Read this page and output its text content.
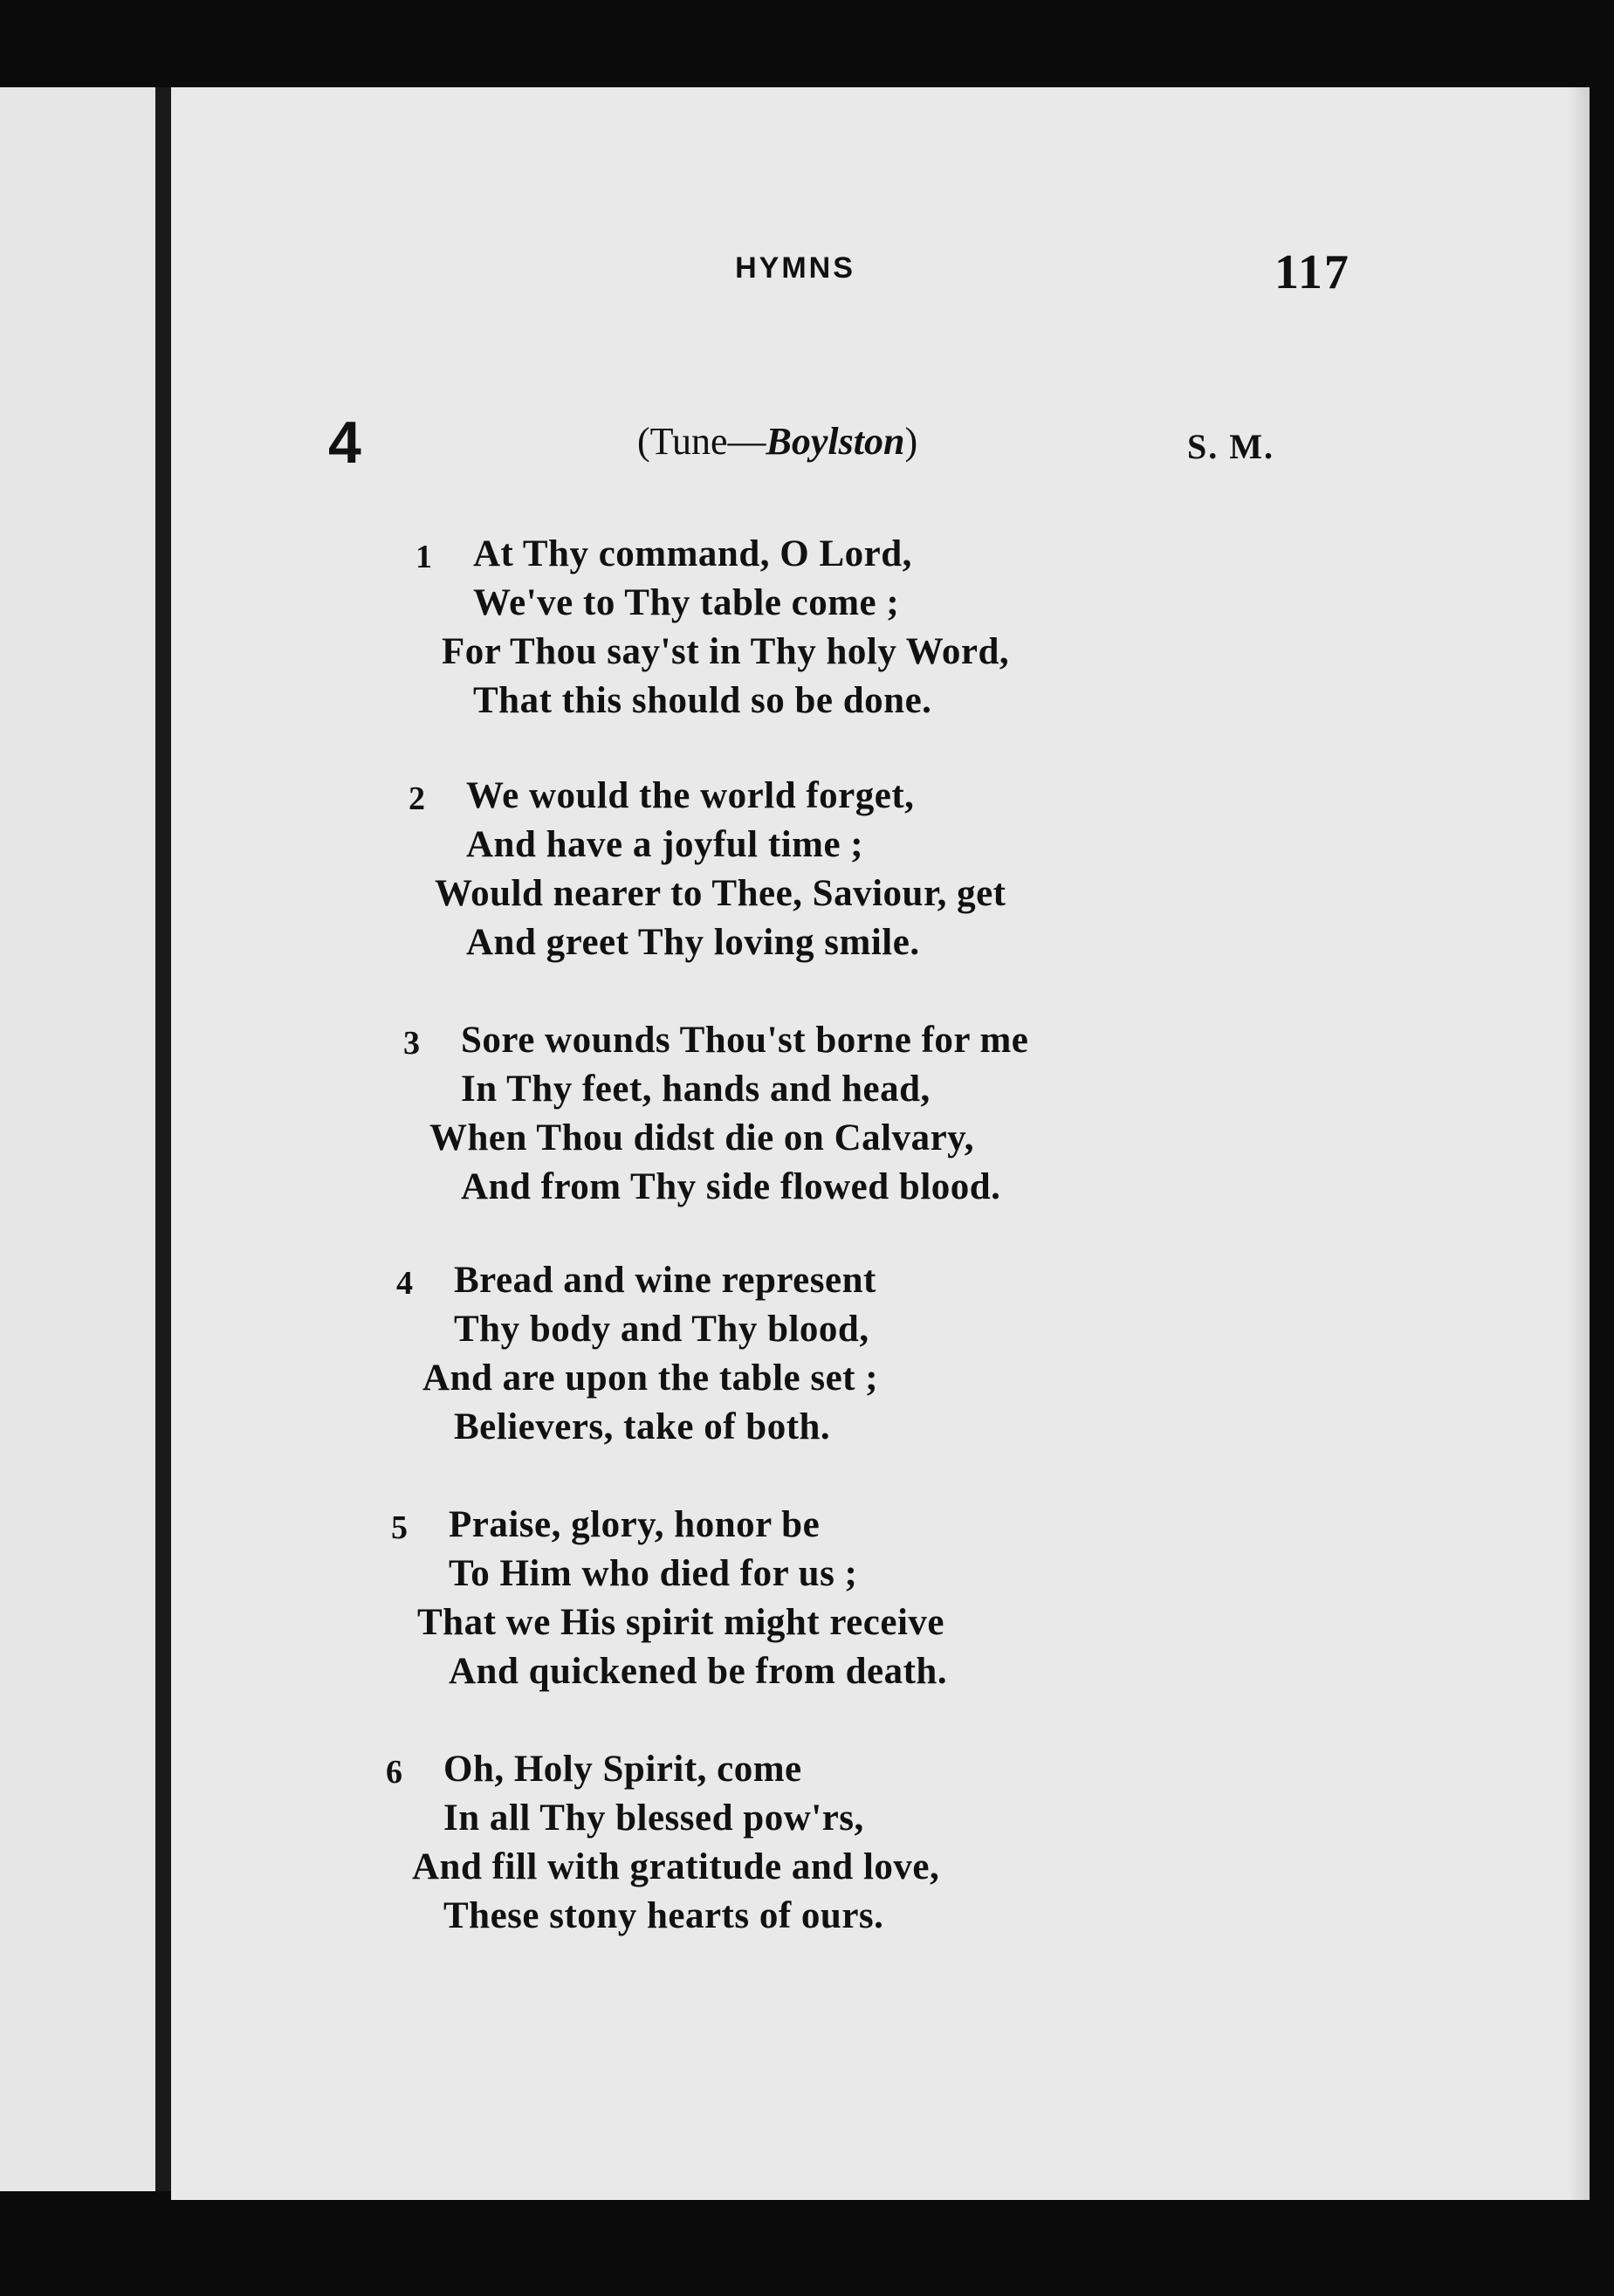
HYMNS	117
4	(Tune—Boylston)	S. M.
1 At Thy command, O Lord,
We've to Thy table come ;
For Thou say'st in Thy holy Word,
That this should so be done.
2 We would the world forget,
And have a joyful time ;
Would nearer to Thee, Saviour, get
And greet Thy loving smile.
3 Sore wounds Thou'st borne for me
In Thy feet, hands and head,
When Thou didst die on Calvary,
And from Thy side flowed blood.
4 Bread and wine represent
Thy body and Thy blood,
And are upon the table set ;
Believers, take of both.
5 Praise, glory, honor be
To Him who died for us ;
That we His spirit might receive
And quickened be from death.
6 Oh, Holy Spirit, come
In all Thy blessed pow'rs,
And fill with gratitude and love,
These stony hearts of ours.
